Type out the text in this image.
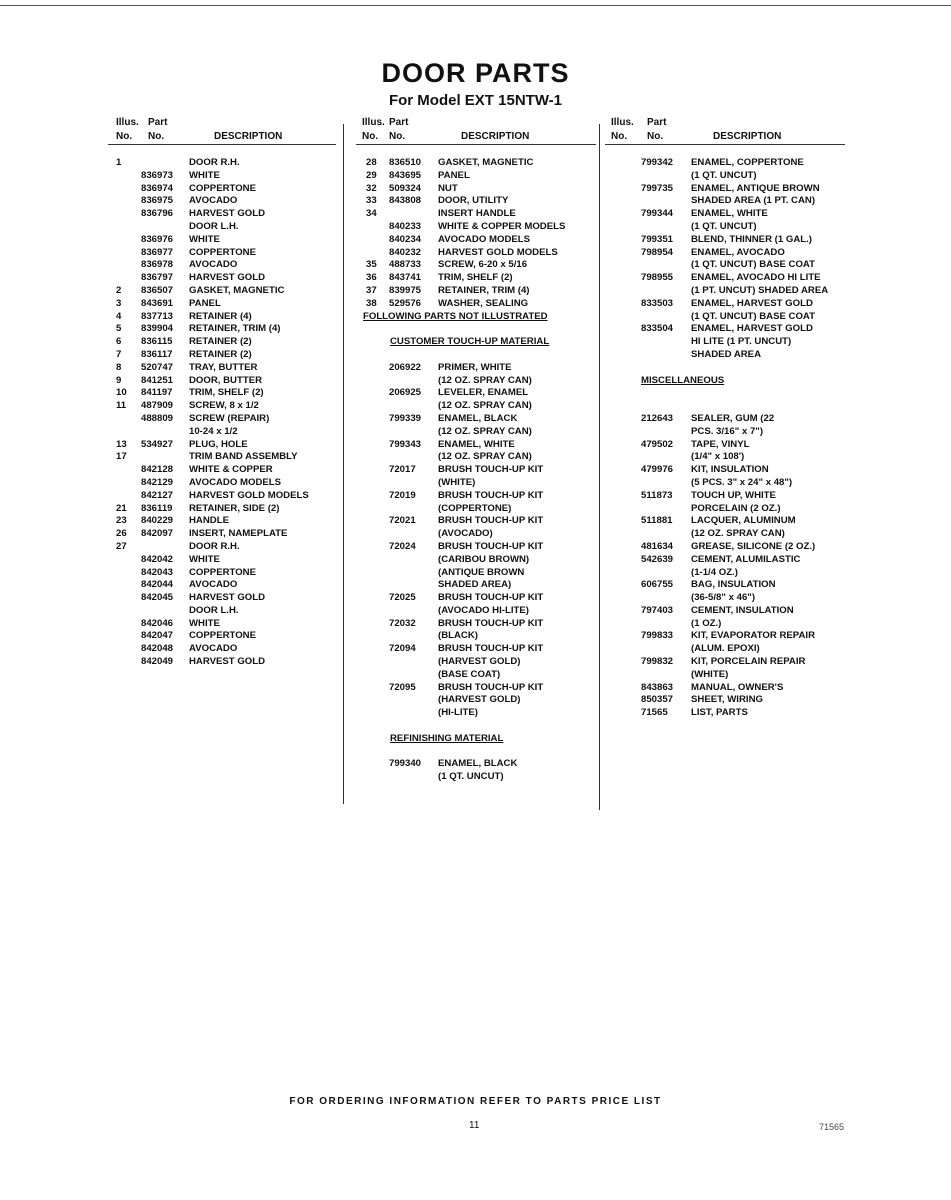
DOOR PARTS
For Model EXT 15NTW-1
Illus. Part
No. No.	DESCRIPTION
1	DOOR R.H.
836973 WHITE
836974 COPPERTONE
836975 AVOCADO
836796 HARVEST GOLD
DOOR L.H.
836976 WHITE
836977 COPPERTONE
836978 AVOCADO
836797 HARVEST GOLD
2 836507 GASKET, MAGNETIC
3 843691 PANEL
4 837713 RETAINER (4)
5 839904 RETAINER, TRIM (4)
6 836115 RETAINER (2)
7 836117 RETAINER (2)
8 520747 TRAY, BUTTER
9 841251 DOOR, BUTTER
10 841197 TRIM, SHELF (2)
11 487909 SCREW, 8 x 1/2
488809 SCREW (REPAIR)
10-24 x 1/2
13 534927 PLUG, HOLE
17	TRIM BAND ASSEMBLY
842128 WHITE & COPPER
842129 AVOCADO MODELS
842127 HARVEST GOLD MODELS
21 836119 RETAINER, SIDE (2)
23 840229 HANDLE
26 842097 INSERT, NAMEPLATE
27	DOOR R.H.
842042 WHITE
842043 COPPERTONE
842044 AVOCADO
842045 HARVEST GOLD
DOOR L.H.
842046 WHITE
842047 COPPERTONE
842048 AVOCADO
842049 HARVEST GOLD
Illus. Part
No. No.	DESCRIPTION
28 836510 GASKET, MAGNETIC
29 843695 PANEL
32 509324 NUT
33 843808 DOOR, UTILITY
34	INSERT HANDLE
840233 WHITE & COPPER MODELS
840234 AVOCADO MODELS
840232 HARVEST GOLD MODELS
35 488733 SCREW, 6-20 x 5/16
36 843741 TRIM, SHELF (2)
37 839975 RETAINER, TRIM (4)
38 529576 WASHER, SEALING
FOLLOWING PARTS NOT ILLUSTRATED
CUSTOMER TOUCH-UP MATERIAL
206922 PRIMER, WHITE
(12 OZ. SPRAY CAN)
206925 LEVELER, ENAMEL
(12 OZ. SPRAY CAN)
799339 ENAMEL, BLACK
(12 OZ. SPRAY CAN)
799343 ENAMEL, WHITE
(12 OZ. SPRAY CAN)
72017 BRUSH TOUCH-UP KIT
(WHITE)
72019 BRUSH TOUCH-UP KIT
(COPPERTONE)
72021 BRUSH TOUCH-UP KIT
(AVOCADO)
72024 BRUSH TOUCH-UP KIT
(CARIBOU BROWN)
(ANTIQUE BROWN
SHADED AREA)
72025 BRUSH TOUCH-UP KIT
(AVOCADO HI-LITE)
72032 BRUSH TOUCH-UP KIT
(BLACK)
72094 BRUSH TOUCH-UP KIT
(HARVEST GOLD)
(BASE COAT)
72095 BRUSH TOUCH-UP KIT
(HARVEST GOLD)
(HI-LITE)
REFINISHING MATERIAL
799340 ENAMEL, BLACK
(1 QT. UNCUT)
Illus. Part
No. No.	DESCRIPTION
799342 ENAMEL, COPPERTONE
(1 QT. UNCUT)
799735 ENAMEL, ANTIQUE BROWN
SHADED AREA (1 PT. CAN)
799344 ENAMEL, WHITE
(1 QT. UNCUT)
799351 BLEND, THINNER (1 GAL.)
798954 ENAMEL, AVOCADO
(1 QT. UNCUT) BASE COAT
798955 ENAMEL, AVOCADO HI LITE
(1 PT. UNCUT) SHADED AREA
833503 ENAMEL, HARVEST GOLD
(1 QT. UNCUT) BASE COAT
833504 ENAMEL, HARVEST GOLD
HI LITE (1 PT. UNCUT)
SHADED AREA
MISCELLANEOUS
212643 SEALER, GUM (22
PCS. 3/16" x 7")
479502 TAPE, VINYL
(1/4" x 108')
479976 KIT, INSULATION
(5 PCS. 3" x 24" x 48")
511873 TOUCH UP, WHITE
PORCELAIN (2 OZ.)
511881 LACQUER, ALUMINUM
(12 OZ. SPRAY CAN)
481634 GREASE, SILICONE (2 OZ.)
542639 CEMENT, ALUMILASTIC
(1-1/4 OZ.)
606755 BAG, INSULATION
(36-5/8" x 46")
797403 CEMENT, INSULATION
(1 OZ.)
799833 KIT, EVAPORATOR REPAIR
(ALUM. EPOXI)
799832 KIT, PORCELAIN REPAIR
(WHITE)
843863 MANUAL, OWNER'S
850357 SHEET, WIRING
71565 LIST, PARTS
FOR ORDERING INFORMATION REFER TO PARTS PRICE LIST
11	71565
